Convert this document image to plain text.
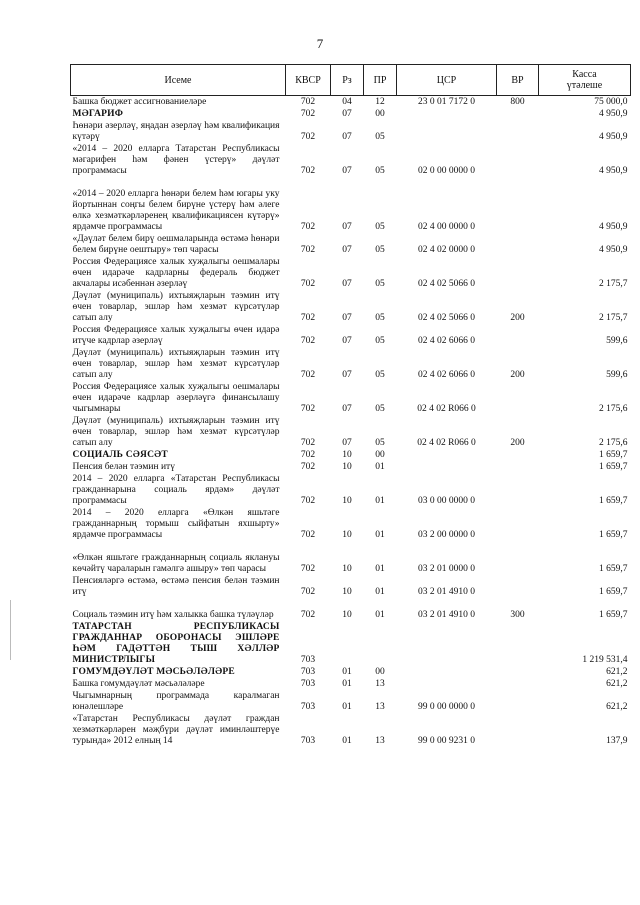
7
Исеме	КВСР	Рз	ПР	ЦСР	ВР	Касса
үтәлеше

Башка бюджет ассигнованиеләре	702	04	12	23 0 01 7172 0	800	75 000,0
МӘГАРИФ	702	07	00			4 950,9
Һөнәри әзерләү, яңадан әзерләү һәм квалификация күтәрү	702	07	05			4 950,9
«2014 – 2020 елларга Татарстан Республикасы мәгарифен һәм фәнен үстерү» дәүләт программасы	702	07	05	02 0 00 0000 0		4 950,9
«2014 – 2020 елларга һөнәри белем һәм югары уку йортыннан соңгы белем бирүне үстерү һәм әлеге өлкә хезмәткәрләренең квалификациясен күтәрү» ярдәмче программасы	702	07	05	02 4 00 0000 0		4 950,9
«Дәүләт белем бирү оешмаларында өстәмә һөнәри белем бирүне оештыру» төп чарасы	702	07	05	02 4 02 0000 0		4 950,9
Россия Федерациясе халык хуҗалыгы оешмалары өчен идарәче кадрларны федераль бюджет акчалары исәбеннән әзерләү	702	07	05	02 4 02 5066 0		2 175,7
Дәүләт (муниципаль) ихтыяҗларын тәэмин итү өчен товарлар, эшләр һәм хезмәт күрсәтүләр сатып алу	702	07	05	02 4 02 5066 0	200	2 175,7
Россия Федерациясе халык хуҗалыгы өчен идарә итүче кадрлар әзерләү	702	07	05	02 4 02 6066 0		599,6
Дәүләт (муниципаль) ихтыяҗларын тәэмин итү өчен товарлар, эшләр һәм хезмәт күрсәтүләр сатып алу	702	07	05	02 4 02 6066 0	200	599,6
Россия Федерациясе халык хуҗалыгы оешмалары өчен идарәче кадрлар әзерләүгә финансылашу чыгымнары	702	07	05	02 4 02 R066 0		2 175,6
Дәүләт (муниципаль) ихтыяҗларын тәэмин итү өчен товарлар, эшләр һәм хезмәт күрсәтүләр сатып алу	702	07	05	02 4 02 R066 0	200	2 175,6
СОЦИАЛЬ СӘЯСӘТ	702	10	00			1 659,7
Пенсия белән тәэмин итү	702	10	01			1 659,7
2014 – 2020 елларга «Татарстан Республикасы гражданнарына социаль ярдәм» дәүләт программасы	702	10	01	03 0 00 0000 0		1 659,7
2014 – 2020 елларга «Өлкән яшьтәге гражданнарның тормыш сыйфатын яхшырту» ярдәмче программасы	702	10	01	03 2 00 0000 0		1 659,7
«Өлкән яшьтәге гражданнарның социаль яклануы көчәйтү чараларын гамәлгә ашыру» төп чарасы	702	10	01	03 2 01 0000 0		1 659,7
Пенсияләргә өстәмә, өстәмә пенсия белән тәэмин итү	702	10	01	03 2 01 4910 0		1 659,7
Социаль тәэмин итү һәм халыкка башка түләүләр	702	10	01	03 2 01 4910 0	300	1 659,7
ТАТАРСТАН РЕСПУБЛИКАСЫ ГРАЖДАННАР ОБОРОНАСЫ ЭШЛӘРЕ ҺӘМ ГАДӘТТӘН ТЫШ ХӘЛЛӘР МИНИСТРЛЫГЫ	703					1 219 531,4
ГОМУМДӘҮЛӘТ МӘСЬӘЛӘЛӘРЕ	703	01	00			621,2
Башка гомумдәүләт мәсьәләләре	703	01	13			621,2
Чыгымнарның программада каралмаган юнәлешләре	703	01	13	99 0 00 0000 0		621,2
«Татарстан Республикасы дәүләт граждан хезмәткәрләрен мәҗбүри дәүләт иминләштерүе турында» 2012 елның 14	703	01	13	99 0 00 9231 0		137,9
